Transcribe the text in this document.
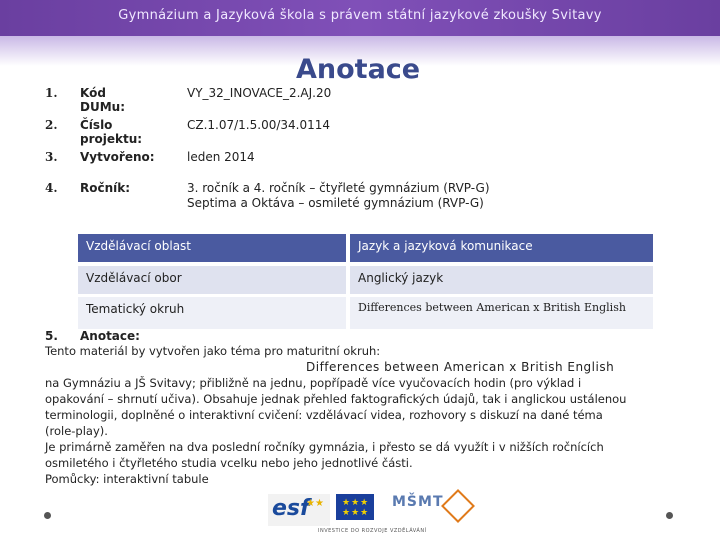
Gymnázium a Jazyková škola s právem státní jazykové zkoušky Svitavy
Anotace
1. Kód DUMu:
VY_32_INOVACE_2.AJ.20
2. Číslo projektu:
CZ.1.07/1.5.00/34.0114
3. Vytvořeno:	leden 2014
4. Ročník:	3. ročník a 4. ročník – čtyřleté gymnázium (RVP-G)
Septima a Oktáva – osmileté gymnázium (RVP-G)
Vzdělávací oblast	Jazyk a jazyková komunikace
Vzdělávací obor	Anglický jazyk
Tematický okruh	Differences between American x British English
5. Anotace:
Tento materiál by vytvořen jako téma pro maturitní okruh:
Differences between American x British English
na Gymnáziu a JŠ Svitavy; přibližně na jednu, popřípadě více vyučovacích hodin (pro výklad i
opakování – shrnutí učiva). Obsahuje jednak přehled faktografických údajů, tak i anglickou ustálenou
terminologii, doplněné o interaktivní cvičení: vzdělávací videa, rozhovory s diskuzí na dané téma
(role-play).
Je primárně zaměřen na dva poslední ročníky gymnázia, i přesto se dá využít i v nižších ročnících
osmiletého i čtyřletého studia vcelku nebo jeho jednotlivé části.
Pomůcky: interaktivní tabule
esf
★★ ★★★
★★★
MŠMT
INVESTICE DO ROZVOJE VZDĚLÁVÁNÍ
